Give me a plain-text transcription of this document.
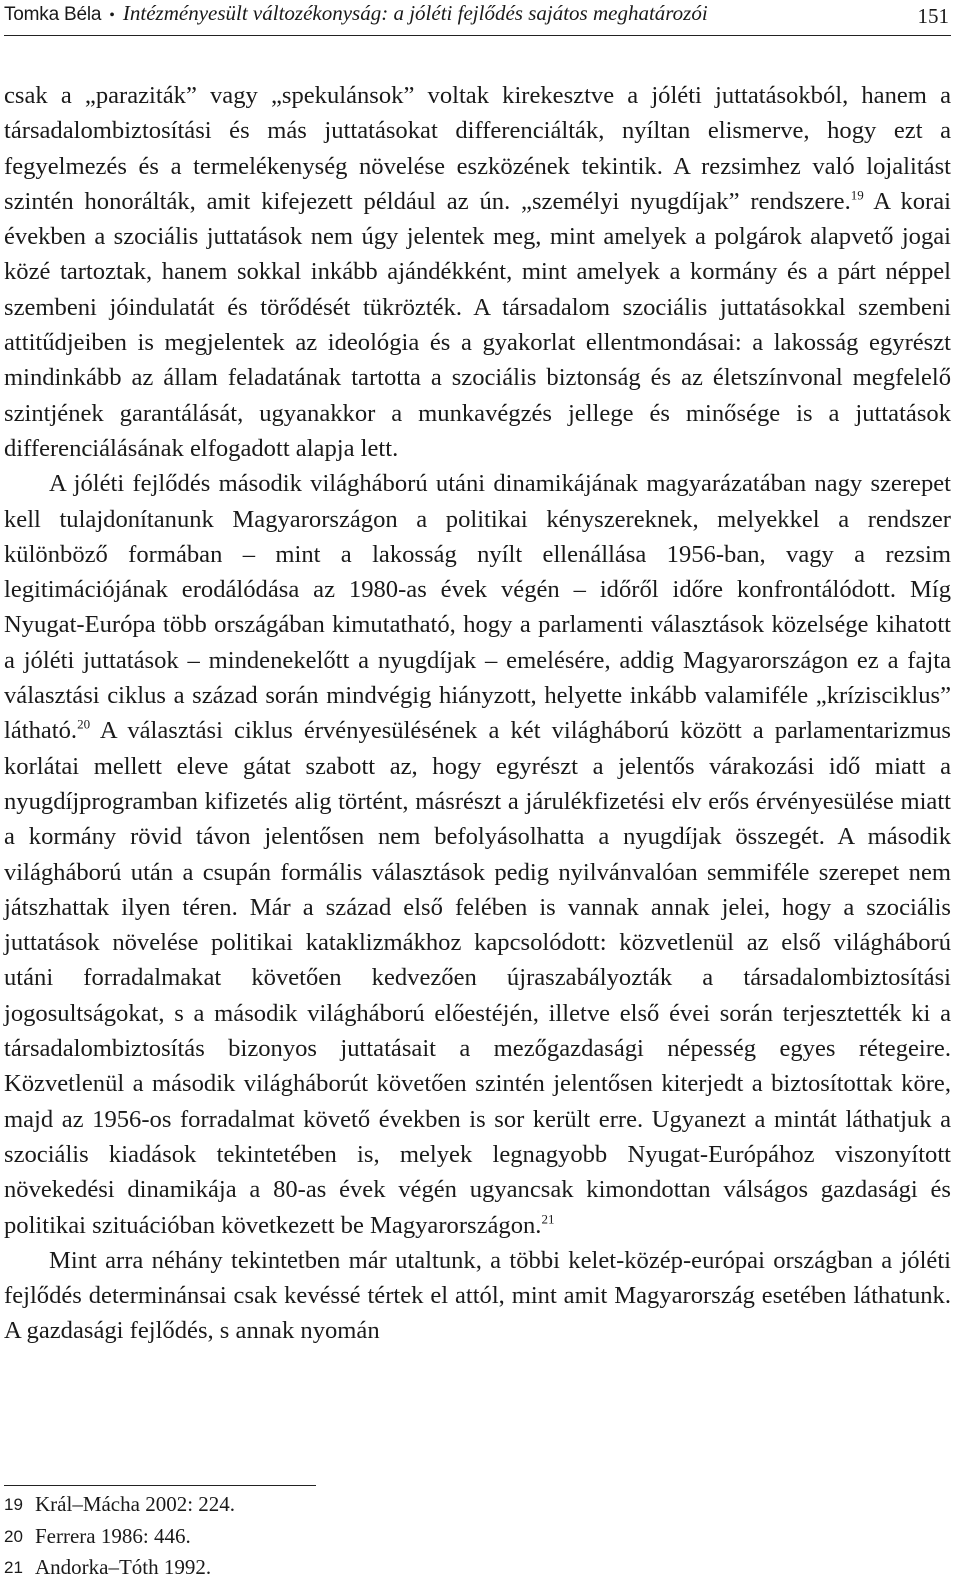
Tomka Béla • Intézményesült változékonyság: a jóléti fejlődés sajátos meghatározói	151

csak a „paraziták” vagy „spekulánsok” voltak kirekesztve a jóléti juttatásokból, hanem a társadalombiztosítási és más juttatásokat differenciálták, nyíltan elismerve, hogy ezt a fegyelmezés és a termelékenység növelése eszközének tekintik. A rezsimhez való lojalitást szintén honorálták, amit kifejezett például az ún. „személyi nyugdíjak” rendszere.$^{19}$ A korai években a szociális juttatások nem úgy jelentek meg, mint amelyek a polgárok alapvető jogai közé tartoztak, hanem sokkal inkább ajándékként, mint amelyek a kormány és a párt néppel szembeni jóindulatát és törődését tükrözték. A társadalom szociális juttatásokkal szembeni attitűdjeiben is megjelentek az ideológia és a gyakorlat ellentmondásai: a lakosság egyrészt mindinkább az állam feladatának tartotta a szociális biztonság és az életszínvonal megfelelő szintjének garantálását, ugyanakkor a munkavégzés jellege és minősége is a juttatások differenciálásának elfogadott alapja lett.

A jóléti fejlődés második világháború utáni dinamikájának magyarázatában nagy szerepet kell tulajdonítanunk Magyarországon a politikai kényszereknek, melyekkel a rendszer különböző formában – mint a lakosság nyílt ellenállása 1956-ban, vagy a rezsim legitimációjának erodálódása az 1980-as évek végén – időről időre konfrontálódott. Míg Nyugat-Európa több országában kimutatható, hogy a parlamenti választások közelsége kihatott a jóléti juttatások – mindenekelőtt a nyugdíjak – emelésére, addig Magyarországon ez a fajta választási ciklus a század során mindvégig hiányzott, helyette inkább valamiféle „krízisciklus” látható.$^{20}$ A választási ciklus érvényesülésének a két világháború között a parlamentarizmus korlátai mellett eleve gátat szabott az, hogy egyrészt a jelentős várakozási idő miatt a nyugdíjprogramban kifizetés alig történt, másrészt a járulékfizetési elv erős érvényesülése miatt a kormány rövid távon jelentősen nem befolyásolhatta a nyugdíjak összegét. A második világháború után a csupán formális választások pedig nyilvánvalóan semmiféle szerepet nem játszhattak ilyen téren. Már a század első felében is vannak annak jelei, hogy a szociális juttatások növelése politikai kataklizmákhoz kapcsolódott: közvetlenül az első világháború utáni forradalmakat követően kedvezően újraszabályozták a társadalombiztosítási jogosultságokat, s a második világháború előestéjén, illetve első évei során terjesztették ki a társadalombiztosítás bizonyos juttatásait a mezőgazdasági népesség egyes rétegeire. Közvetlenül a második világháborút követően szintén jelentősen kiterjedt a biztosítottak köre, majd az 1956-os forradalmat követő években is sor került erre. Ugyanezt a mintát láthatjuk a szociális kiadások tekintetében is, melyek legnagyobb Nyugat-Európához viszonyított növekedési dinamikája a 80-as évek végén ugyancsak kimondottan válságos gazdasági és politikai szituációban következett be Magyarországon.$^{21}$

Mint arra néhány tekintetben már utaltunk, a többi kelet-közép-európai országban a jóléti fejlődés determinánsai csak kevéssé tértek el attól, mint amit Magyarország esetében láthatunk. A gazdasági fejlődés, s annak nyomán

19 Král–Mácha 2002: 224.
20 Ferrera 1986: 446.
21 Andorka–Tóth 1992.
